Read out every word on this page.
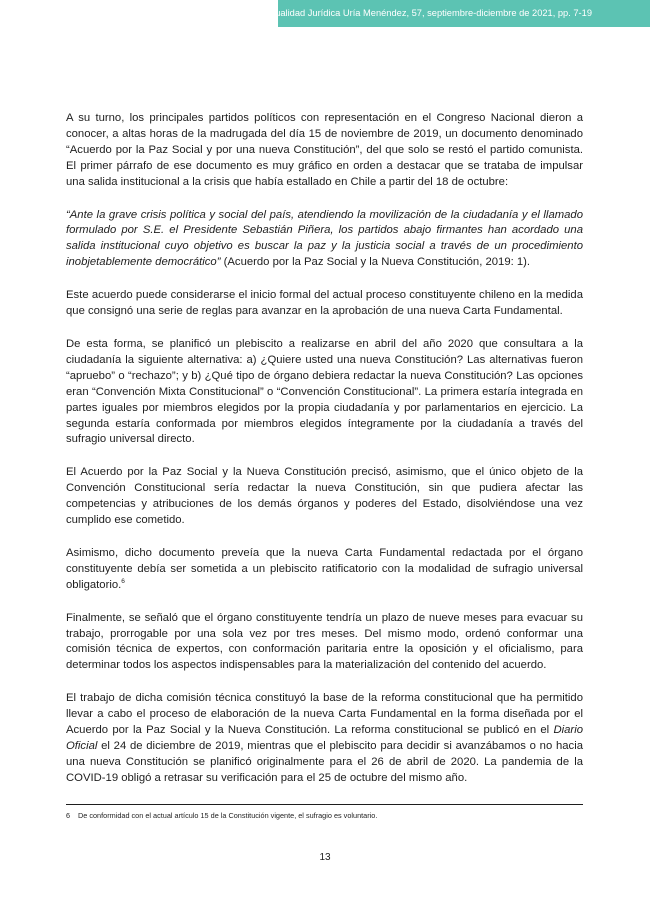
Actualidad Jurídica Uría Menéndez, 57, septiembre-diciembre de 2021, pp. 7-19

A su turno, los principales partidos políticos con representación en el Congreso Nacional dieron a conocer, a altas horas de la madrugada del día 15 de noviembre de 2019, un documento denominado “Acuerdo por la Paz Social y por una nueva Constitución”, del que solo se restó el partido comunista. El primer párrafo de ese documento es muy gráfico en orden a destacar que se trataba de impulsar una salida institucional a la crisis que había estallado en Chile a partir del 18 de octubre:

“Ante la grave crisis política y social del país, atendiendo la movilización de la ciudadanía y el llamado formulado por S.E. el Presidente Sebastián Piñera, los partidos abajo firmantes han acordado una salida institucional cuyo objetivo es buscar la paz y la justicia social a través de un procedimiento inobjetablemente democrático” (Acuerdo por la Paz Social y la Nueva Constitución, 2019: 1).

Este acuerdo puede considerarse el inicio formal del actual proceso constituyente chileno en la medida que consignó una serie de reglas para avanzar en la aprobación de una nueva Carta Fundamental.

De esta forma, se planificó un plebiscito a realizarse en abril del año 2020 que consultara a la ciudadanía la siguiente alternativa: a) ¿Quiere usted una nueva Constitución? Las alternativas fueron “apruebo” o “rechazo”; y b) ¿Qué tipo de órgano debiera redactar la nueva Constitución? Las opciones eran “Convención Mixta Constitucional” o “Convención Constitucional”. La primera estaría integrada en partes iguales por miembros elegidos por la propia ciudadanía y por parlamentarios en ejercicio. La segunda estaría conformada por miembros elegidos íntegramente por la ciudadanía a través del sufragio universal directo.

El Acuerdo por la Paz Social y la Nueva Constitución precisó, asimismo, que el único objeto de la Convención Constitucional sería redactar la nueva Constitución, sin que pudiera afectar las competencias y atribuciones de los demás órganos y poderes del Estado, disolviéndose una vez cumplido ese cometido.

Asimismo, dicho documento preveía que la nueva Carta Fundamental redactada por el órgano constituyente debía ser sometida a un plebiscito ratificatorio con la modalidad de sufragio universal obligatorio.$^6$

Finalmente, se señaló que el órgano constituyente tendría un plazo de nueve meses para evacuar su trabajo, prorrogable por una sola vez por tres meses. Del mismo modo, ordenó conformar una comisión técnica de expertos, con conformación paritaria entre la oposición y el oficialismo, para determinar todos los aspectos indispensables para la materialización del contenido del acuerdo.

El trabajo de dicha comisión técnica constituyó la base de la reforma constitucional que ha permitido llevar a cabo el proceso de elaboración de la nueva Carta Fundamental en la forma diseñada por el Acuerdo por la Paz Social y la Nueva Constitución. La reforma constitucional se publicó en el Diario Oficial el 24 de diciembre de 2019, mientras que el plebiscito para decidir si avanzábamos o no hacia una nueva Constitución se planificó originalmente para el 26 de abril de 2020. La pandemia de la COVID-19 obligó a retrasar su verificación para el 25 de octubre del mismo año.

6 De conformidad con el actual artículo 15 de la Constitución vigente, el sufragio es voluntario.
13
